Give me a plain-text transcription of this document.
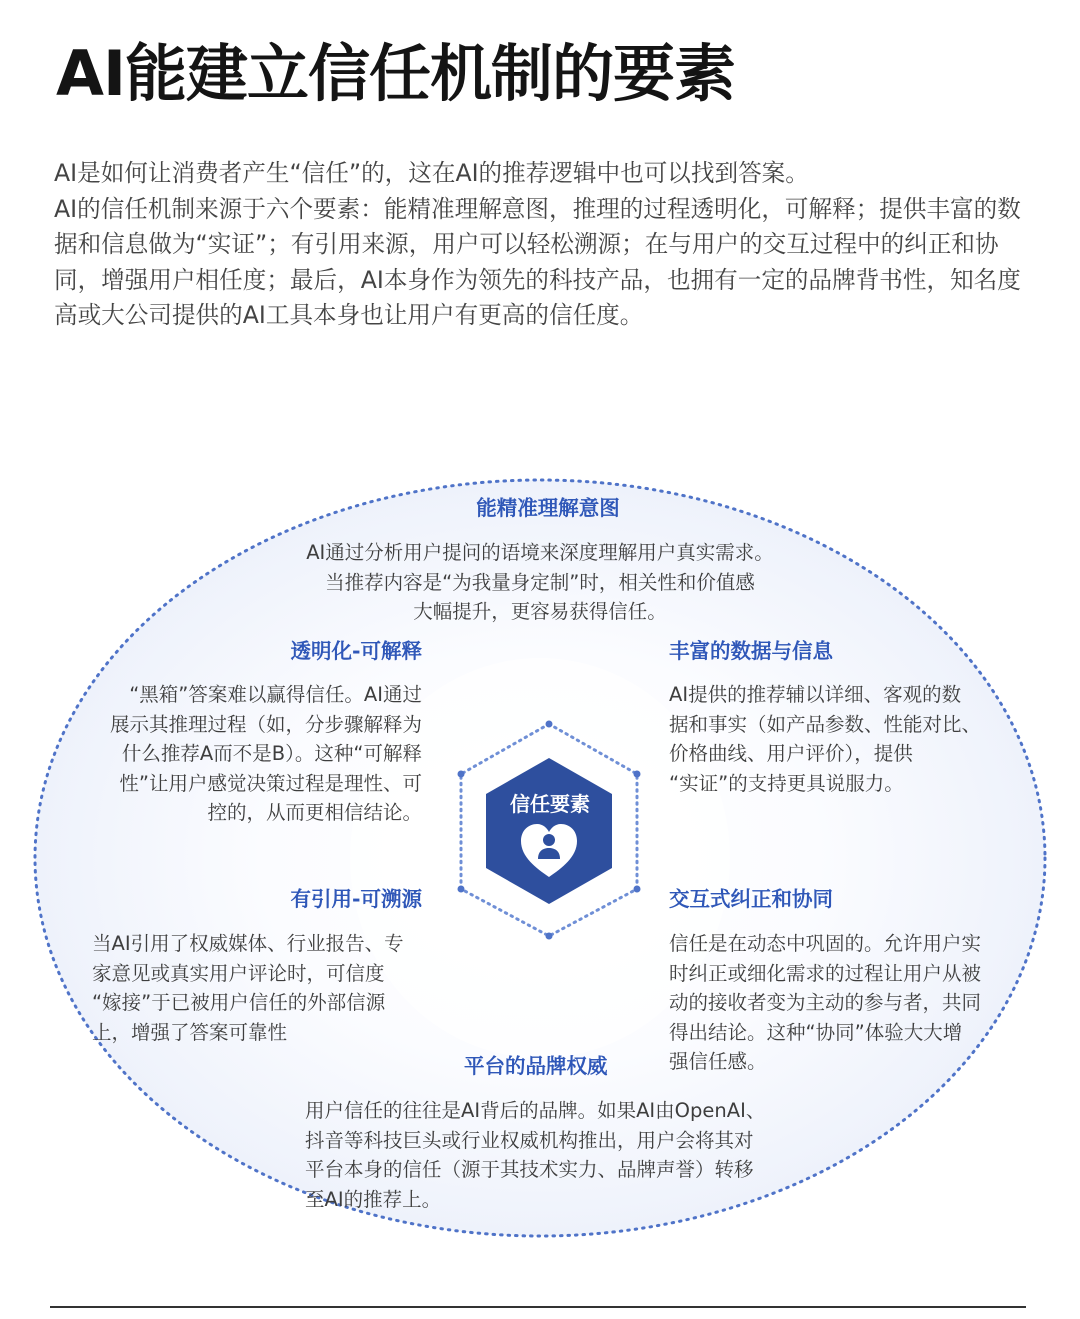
AI能建立信任机制的要素

AI是如何让消费者产生“信任”的，这在AI的推荐逻辑中也可以找到答案。

AI的信任机制来源于六个要素：能精准理解意图，推理的过程透明化，可解释；提供丰富的数据和信息做为“实证”；有引用来源，用户可以轻松溯源；在与用户的交互过程中的纠正和协同，增强用户相任度；最后，AI本身作为领先的科技产品，也拥有一定的品牌背书性，知名度高或大公司提供的AI工具本身也让用户有更高的信任度。

信任要素

能精准理解意图

AI通过分析用户提问的语境来深度理解用户真实需求。
当推荐内容是“为我量身定制”时，相关性和价值感
大幅提升，更容易获得信任。

透明化-可解释

“黑箱”答案难以赢得信任。AI通过
展示其推理过程（如，分步骤解释为
什么推荐A而不是B）。这种“可解释
性”让用户感觉决策过程是理性、可
控的，从而更相信结论。

丰富的数据与信息

AI提供的推荐辅以详细、客观的数
据和事实（如产品参数、性能对比、
价格曲线、用户评价），提供
“实证”的支持更具说服力。

有引用-可溯源

当AI引用了权威媒体、行业报告、专
家意见或真实用户评论时，可信度
“嫁接”于已被用户信任的外部信源
上，增强了答案可靠性

交互式纠正和协同

信任是在动态中巩固的。允许用户实
时纠正或细化需求的过程让用户从被
动的接收者变为主动的参与者，共同
得出结论。这种“协同”体验大大增
强信任感。

平台的品牌权威

用户信任的往往是AI背后的品牌。如果AI由OpenAI、
抖音等科技巨头或行业权威机构推出，用户会将其对
平台本身的信任（源于其技术实力、品牌声誉）转移
至AI的推荐上。
